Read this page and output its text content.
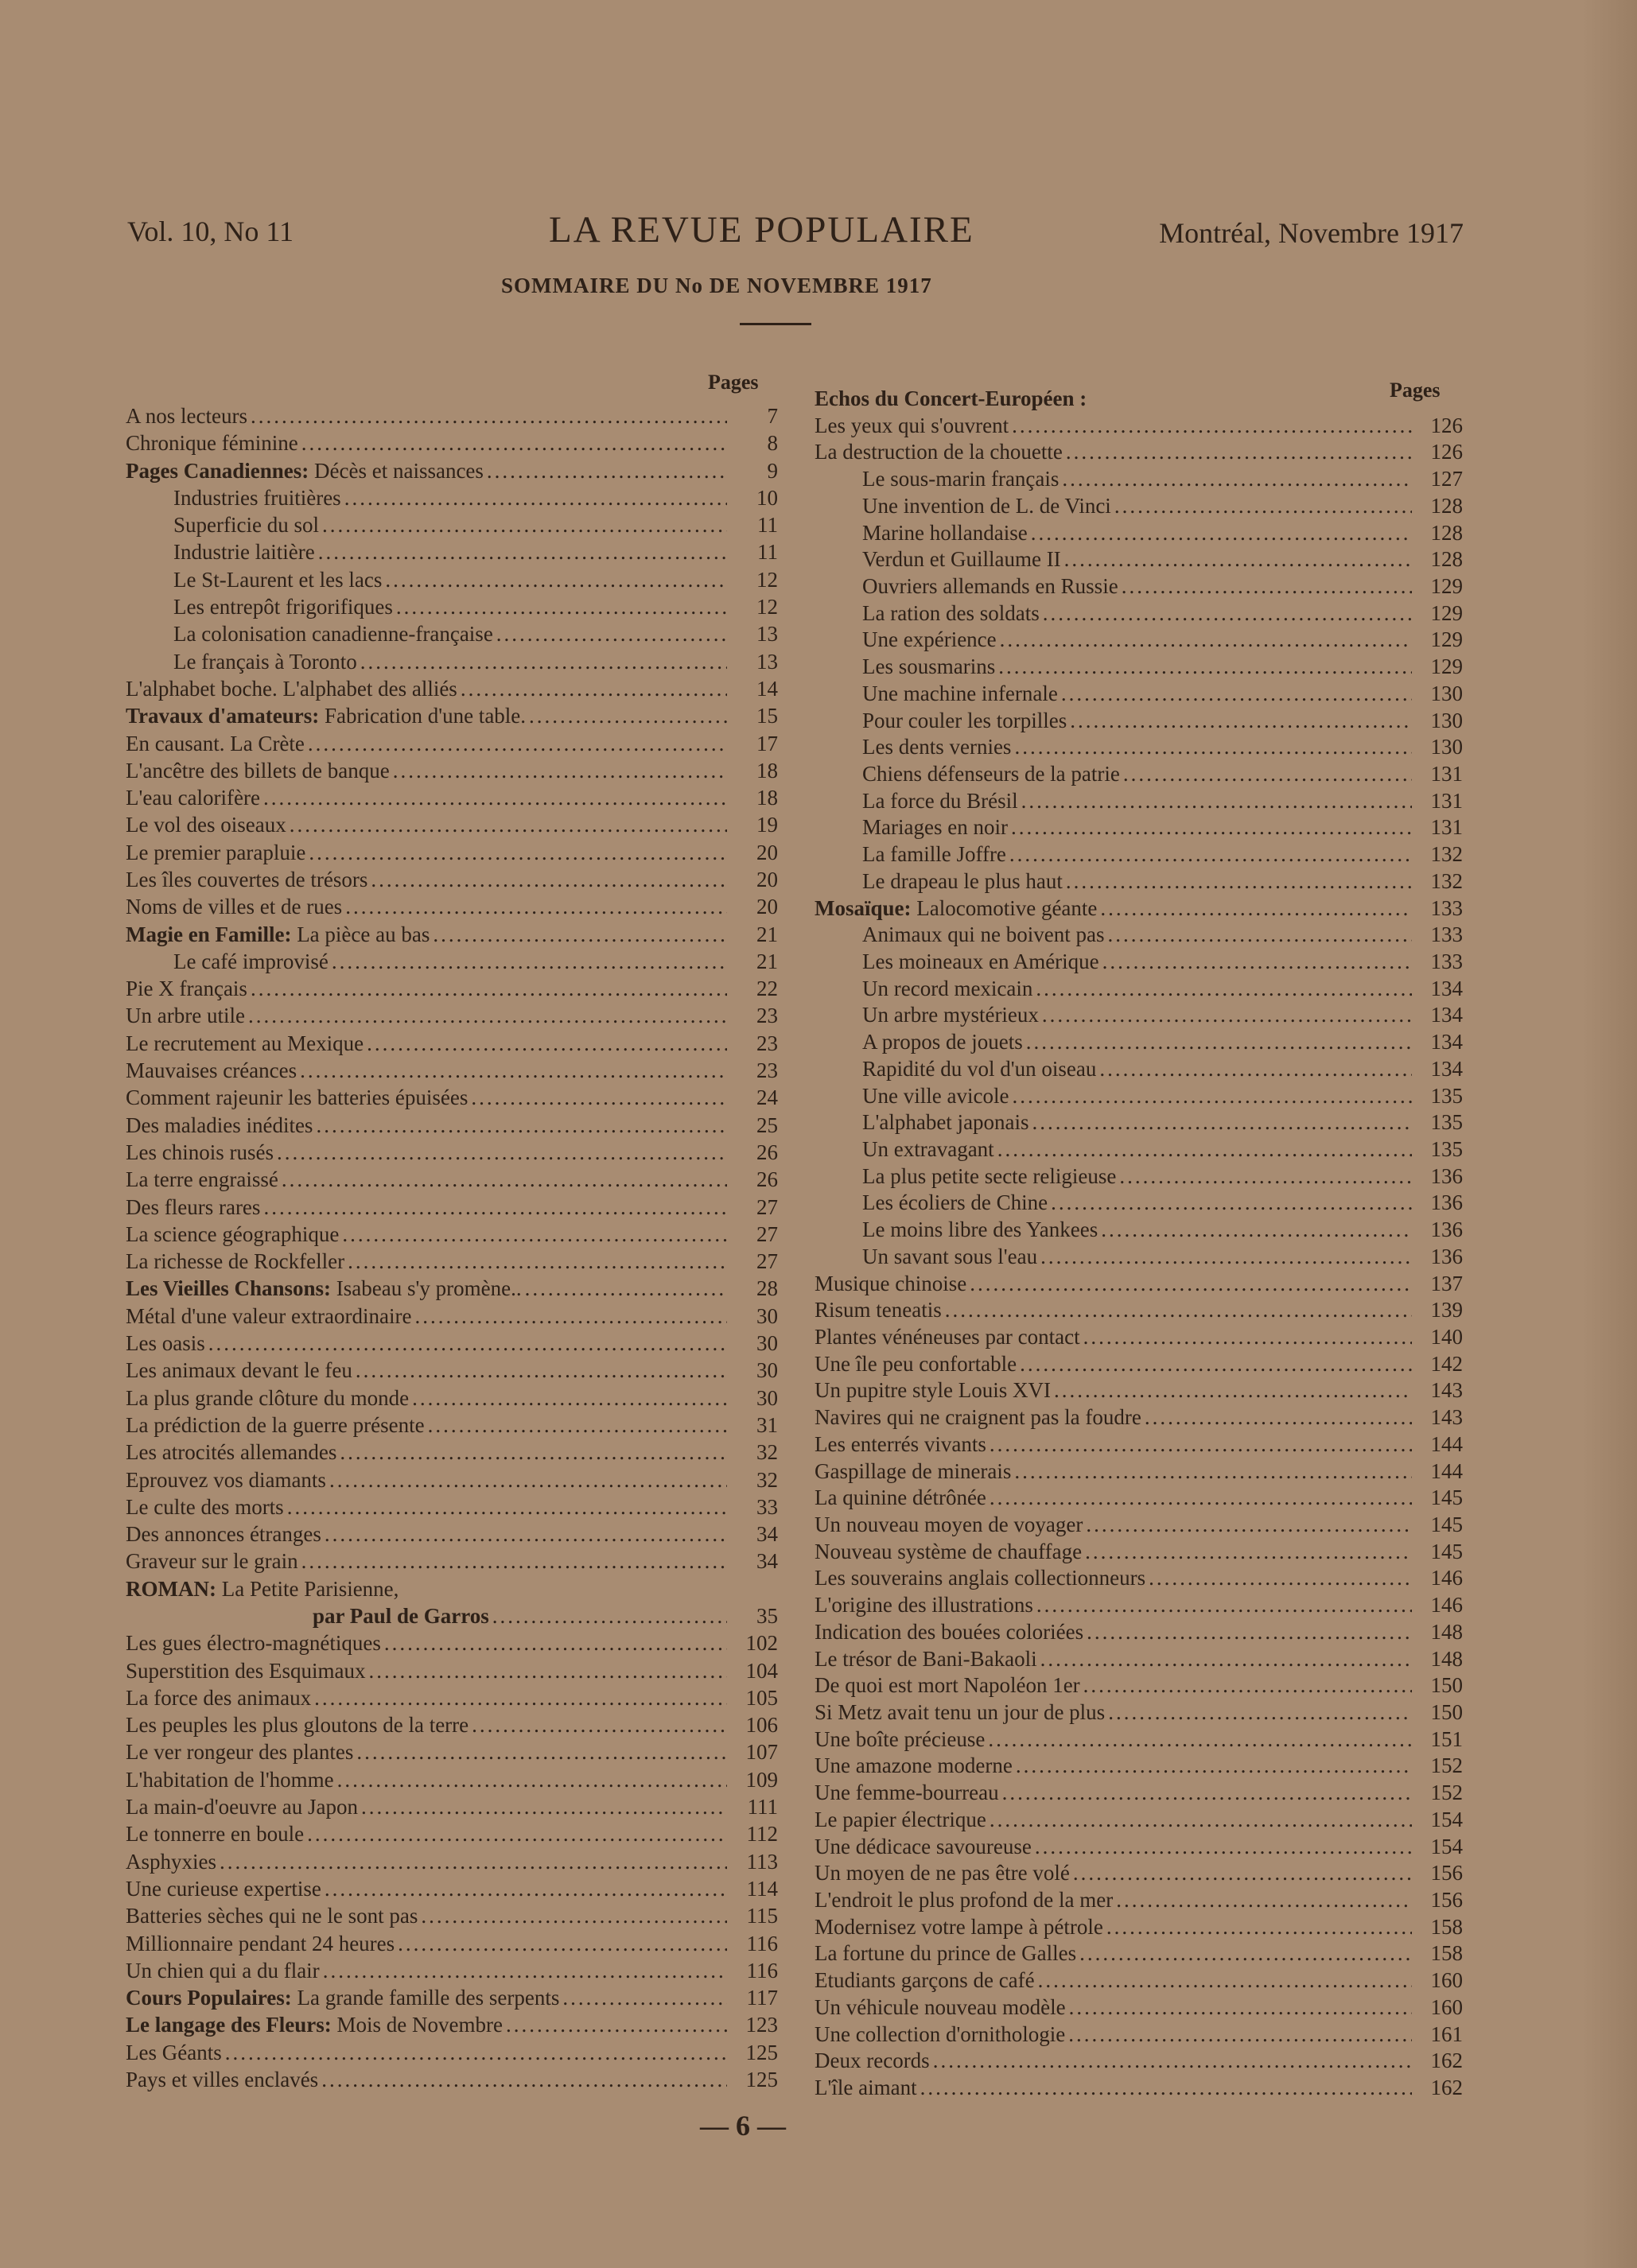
Vol. 10, No 11	LA REVUE POPULAIRE	Montréal, Novembre 1917
SOMMAIRE DU No DE NOVEMBRE 1917
Pages
A nos lecteurs .....	7
Chronique féminine .....	8
Pages Canadiennes: Décès et naissances .....	9
Industries fruitières .....	10
Superficie du sol .....	11
Industrie laitière .....	11
Le St-Laurent et les lacs .....	12
Les entrepôt frigorifiques .....	12
La colonisation canadienne-française .....	13
Le français à Toronto .....	13
L'alphabet boche. L'alphabet des alliés .....	14
Travaux d'amateurs: Fabrication d'une table. .....	15
En causant. La Crète .....	17
L'ancêtre des billets de banque .....	18
L'eau calorifère .....	18
Le vol des oiseaux .....	19
Le premier parapluie .....	20
Les îles couvertes de trésors .....	20
Noms de villes et de rues .....	20
Magie en Famille: La pièce au bas .....	21
Le café improvisé .....	21
Pie X français .....	22
Un arbre utile .....	23
Le recrutement au Mexique .....	23
Mauvaises créances .....	23
Comment rajeunir les batteries épuisées .....	24
Des maladies inédites .....	25
Les chinois rusés .....	26
La terre engraissé .....	26
Des fleurs rares .....	27
La science géographique .....	27
La richesse de Rockfeller .....	27
Les Vieilles Chansons: Isabeau s'y promène.. .....	28
Métal d'une valeur extraordinaire .....	30
Les oasis .....	30
Les animaux devant le feu .....	30
La plus grande clôture du monde .....	30
La prédiction de la guerre présente .....	31
Les atrocités allemandes .....	32
Eprouvez vos diamants .....	32
Le culte des morts .....	33
Des annonces étranges .....	34
Graveur sur le grain .....	34
ROMAN: La Petite Parisienne,
par Paul de Garros .....	35
Les gues électro-magnétiques .....	102
Superstition des Esquimaux .....	104
La force des animaux .....	105
Les peuples les plus gloutons de la terre .....	106
Le ver rongeur des plantes .....	107
L'habitation de l'homme .....	109
La main-d'oeuvre au Japon .....	111
Le tonnerre en boule .....	112
Asphyxies .....	113
Une curieuse expertise .....	114
Batteries sèches qui ne le sont pas .....	115
Millionnaire pendant 24 heures .....	116
Un chien qui a du flair .....	116
Cours Populaires: La grande famille des serpents .....	117
Le langage des Fleurs: Mois de Novembre .....	123
Les Géants .....	125
Pays et villes enclavés .....	125
Pages
Echos du Concert-Européen :
Les yeux qui s'ouvrent .....	126
La destruction de la chouette .....	126
Le sous-marin français .....	127
Une invention de L. de Vinci .....	128
Marine hollandaise .....	128
Verdun et Guillaume II .....	128
Ouvriers allemands en Russie .....	129
La ration des soldats .....	129
Une expérience .....	129
Les sousmarins .....	129
Une machine infernale .....	130
Pour couler les torpilles .....	130
Les dents vernies .....	130
Chiens défenseurs de la patrie .....	131
La force du Brésil .....	131
Mariages en noir .....	131
La famille Joffre .....	132
Le drapeau le plus haut .....	132
Mosaïque: Lalocomotive géante .....	133
Animaux qui ne boivent pas .....	133
Les moineaux en Amérique .....	133
Un record mexicain .....	134
Un arbre mystérieux .....	134
A propos de jouets .....	134
Rapidité du vol d'un oiseau .....	134
Une ville avicole .....	135
L'alphabet japonais .....	135
Un extravagant .....	135
La plus petite secte religieuse .....	136
Les écoliers de Chine .....	136
Le moins libre des Yankees .....	136
Un savant sous l'eau .....	136
Musique chinoise .....	137
Risum teneatis .....	139
Plantes vénéneuses par contact .....	140
Une île peu confortable .....	142
Un pupitre style Louis XVI .....	143
Navires qui ne craignent pas la foudre .....	143
Les enterrés vivants .....	144
Gaspillage de minerais .....	144
La quinine détrônée .....	145
Un nouveau moyen de voyager .....	145
Nouveau système de chauffage .....	145
Les souverains anglais collectionneurs .....	146
L'origine des illustrations .....	146
Indication des bouées coloriées .....	148
Le trésor de Bani-Bakaoli .....	148
De quoi est mort Napoléon 1er .....	150
Si Metz avait tenu un jour de plus .....	150
Une boîte précieuse .....	151
Une amazone moderne .....	152
Une femme-bourreau .....	152
Le papier électrique .....	154
Une dédicace savoureuse .....	154
Un moyen de ne pas être volé .....	156
L'endroit le plus profond de la mer .....	156
Modernisez votre lampe à pétrole .....	158
La fortune du prince de Galles .....	158
Etudiants garçons de café .....	160
Un véhicule nouveau modèle .....	160
Une collection d'ornithologie .....	161
Deux records .....	162
L'île aimant .....	162
— 6 —
